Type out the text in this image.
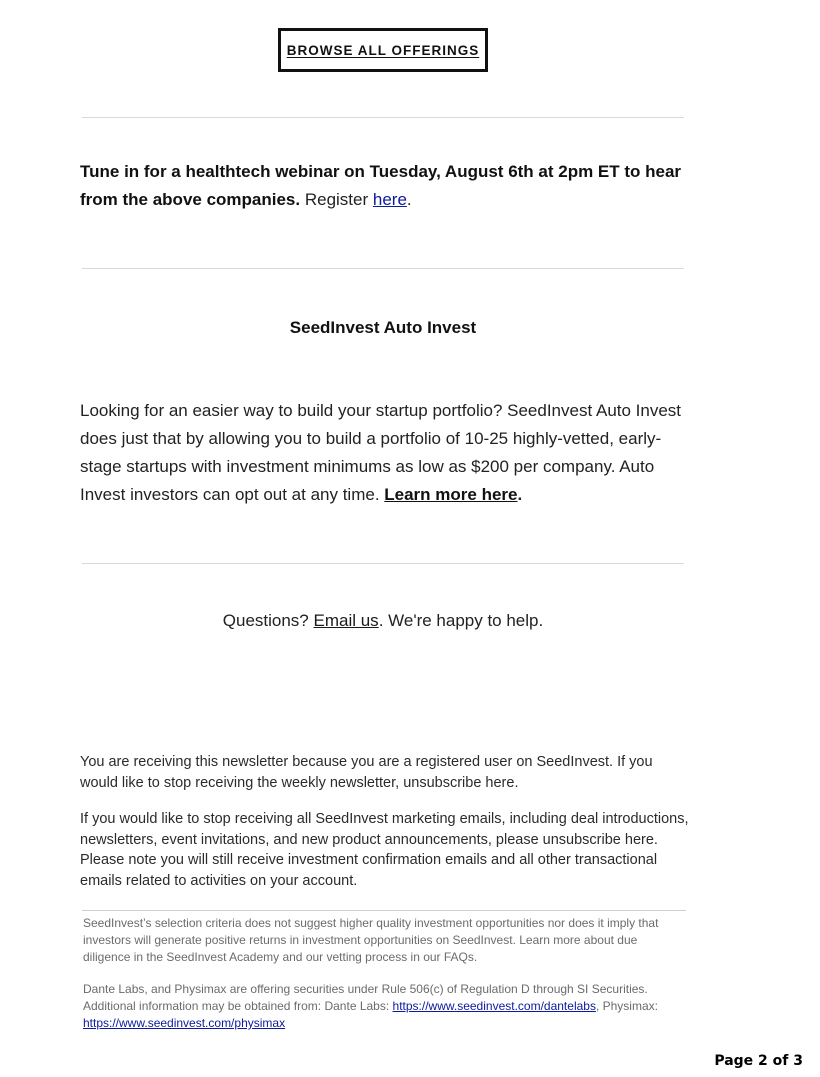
BROWSE ALL OFFERINGS
Tune in for a healthtech webinar on Tuesday, August 6th at 2pm ET to hear from the above companies. Register here.
SeedInvest Auto Invest
Looking for an easier way to build your startup portfolio? SeedInvest Auto Invest does just that by allowing you to build a portfolio of 10-25 highly-vetted, early-stage startups with investment minimums as low as $200 per company. Auto Invest investors can opt out at any time. Learn more here.
Questions? Email us. We're happy to help.
You are receiving this newsletter because you are a registered user on SeedInvest. If you would like to stop receiving the weekly newsletter, unsubscribe here.
If you would like to stop receiving all SeedInvest marketing emails, including deal introductions, newsletters, event invitations, and new product announcements, please unsubscribe here. Please note you will still receive investment confirmation emails and all other transactional emails related to activities on your account.
SeedInvest’s selection criteria does not suggest higher quality investment opportunities nor does it imply that investors will generate positive returns in investment opportunities on SeedInvest. Learn more about due diligence in the SeedInvest Academy and our vetting process in our FAQs.
Dante Labs, and Physimax are offering securities under Rule 506(c) of Regulation D through SI Securities. Additional information may be obtained from: Dante Labs: https://www.seedinvest.com/dantelabs, Physimax:
https://www.seedinvest.com/physimax
Page 2 of 3
